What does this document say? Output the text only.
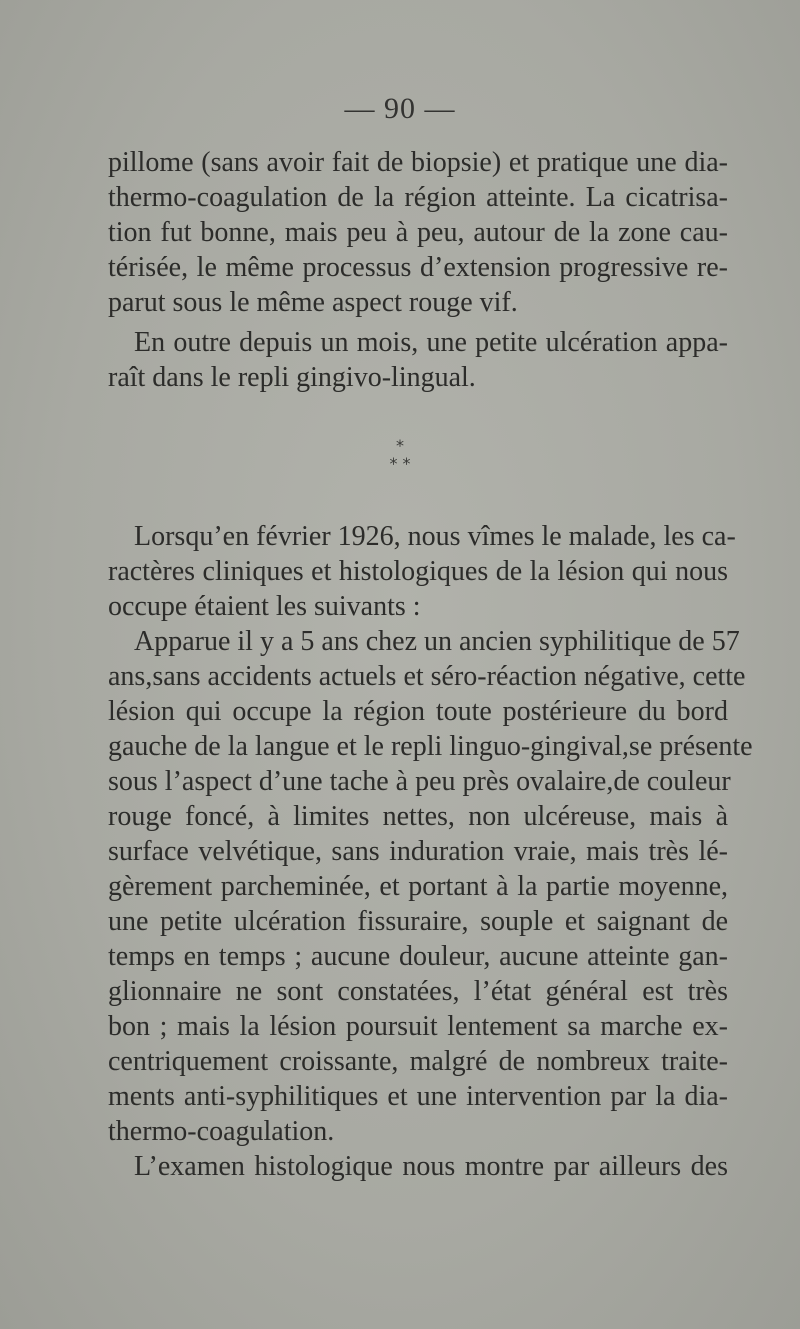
— 90 —
pillome (sans avoir fait de biopsie) et pratique une dia-
thermo-coagulation de la région atteinte. La cicatrisa-
tion fut bonne, mais peu à peu, autour de la zone cau-
térisée, le même processus d’extension progressive re-
parut sous le même aspect rouge vif.
En outre depuis un mois, une petite ulcération appa-
raît dans le repli gingivo-lingual.
*
* *
Lorsqu’en février 1926, nous vîmes le malade, les ca-
ractères cliniques et histologiques de la lésion qui nous
occupe étaient les suivants :
Apparue il y a 5 ans chez un ancien syphilitique de 57
ans,sans accidents actuels et séro-réaction négative, cette
lésion qui occupe la région toute postérieure du bord
gauche de la langue et le repli linguo-gingival,se présente
sous l’aspect d’une tache à peu près ovalaire,de couleur
rouge foncé, à limites nettes, non ulcéreuse, mais à
surface velvétique, sans induration vraie, mais très lé-
gèrement parcheminée, et portant à la partie moyenne,
une petite ulcération fissuraire, souple et saignant de
temps en temps ; aucune douleur, aucune atteinte gan-
glionnaire ne sont constatées, l’état général est très
bon ; mais la lésion poursuit lentement sa marche ex-
centriquement croissante, malgré de nombreux traite-
ments anti-syphilitiques et une intervention par la dia-
thermo-coagulation.
L’examen histologique nous montre par ailleurs des
